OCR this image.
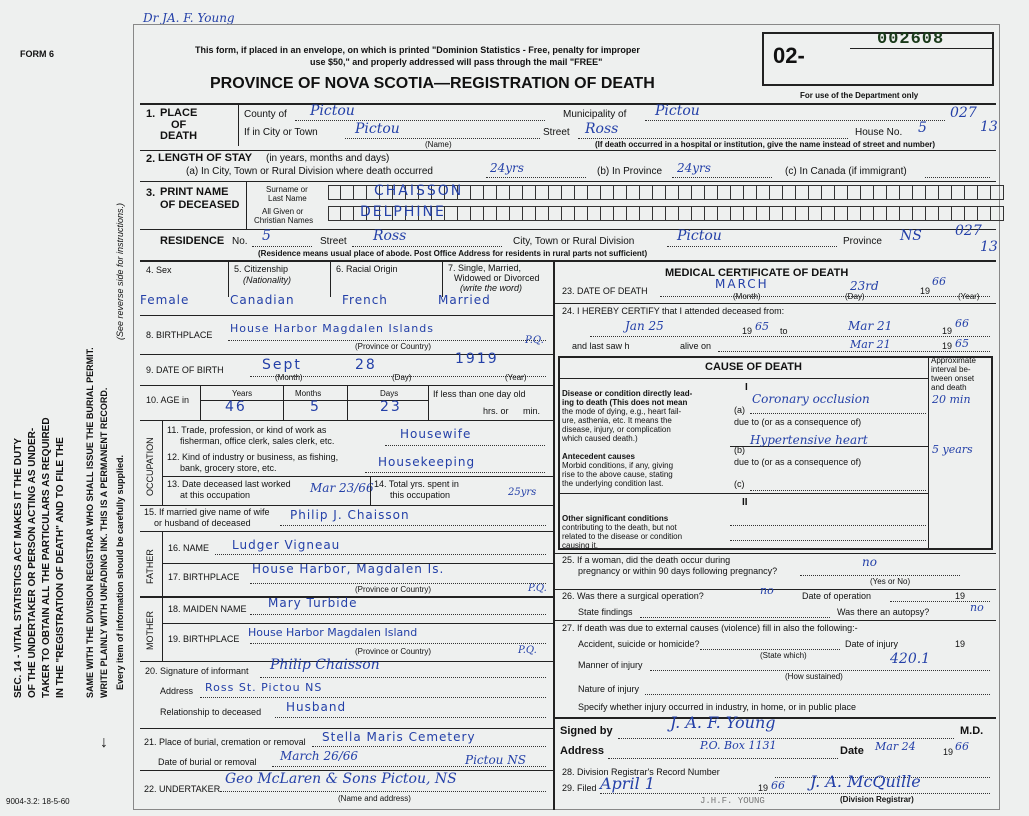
FORM 6
SEC. 14 - VITAL STATISTICS ACT MAKES IT THE DUTY OF THE UNDERTAKER OR PERSON ACTING AS UNDER- TAKER TO OBTAIN ALL THE PARTICULARS AS REQUIRED IN THE "REGISTRATION OF DEATH" AND TO FILE THE SAME WITH THE DIVISION REGISTRAR WHO SHALL ISSUE THE BURIAL PERMIT. WRITE PLAINLY WITH UNFADING INK. THIS IS A PERMANENT RECORD. Every item of information should be carefully supplied.
(See reverse side for instructions.)
↓
9004-3.2: 18-5-60
Dr JA. F. Young
This form, if placed in an envelope, on which is printed "Dominion Statistics - Free, penalty for improper
use $50," and properly addressed will pass through the mail "FREE"
PROVINCE OF NOVA SCOTIA—REGISTRATION OF DEATH
02-
002608
For use of the Department only
1. PLACE
OF
DEATH
County of Pictou	Municipality of Pictou	027
If in City or Town	Pictou
(Name)
Street Ross	House No. 5	13
(If death occurred in a hospital or institution, give the name instead of street and number)
2. LENGTH OF STAY (in years, months and days)
(a) In City, Town or Rural Division where death occurred	24yrs	(b) In Province 24yrs	(c) In Canada (if immigrant)
3. PRINT NAME
OF DECEASED
Surname or
Last Name
All Given or
Christian Names
CHAISSON
DELPHINE
RESIDENCE No. 5	Street Ross	City, Town or Rural Division	Pictou	Province NS 027
13
(Residence means usual place of abode. Post Office Address for residents in rural parts not sufficient)
4. Sex	5. Citizenship
(Nationality)
6. Racial Origin	7. Single, Married,
Widowed or Divorced
(write the word)
Female	Canadian	French	Married
8. BIRTHPLACE House Harbor Magdalen Islands
P.Q.
(Province or Country)
9. DATE OF BIRTH	Sept	28	1919
(Month)	(Day)	(Year)
10. AGE in
Years	Months	Days
46	5	23
If less than one day old
hrs. or min.
OCCUPATION
11. Trade, profession, or kind of work as
fisherman, office clerk, sales clerk, etc.	Housewife
12. Kind of industry or business, as fishing,
bank, grocery store, etc.	Housekeeping
13. Date deceased last worked
at this occupation	Mar 23/66 14. Total yrs. spent in
this occupation	25yrs
15. If married give name of wife
or husband of deceased
Philip J. Chaisson
FATHER
MOTHER
16. NAME Ludger Vigneau
17. BIRTHPLACE
House Harbor, Magdalen Is.
P.Q.
(Province or Country)
18. MAIDEN NAME Mary Turbide
19. BIRTHPLACE House Harbor Magdalen Island
P.Q.
(Province or Country)
20. Signature of informant Philip Chaisson
Address Ross St. Pictou NS
Relationship to deceased Husband
21. Place of burial, cremation or removal Stella Maris Cemetery
Date of burial or removal March 26/66	Pictou NS
22. UNDERTAKER
Geo McLaren & Sons Pictou, NS
(Name and address)
MEDICAL CERTIFICATE OF DEATH
23. DATE OF DEATH	MARCH	23rd	19
66
(Month)	(Day)	(Year)
24. I HEREBY CERTIFY that I attended deceased from:
Jan 25	19 65 to	Mar 21	19
66
and last saw h	alive on	Mar 21	19 65
CAUSE OF DEATH
Approximate
interval be-
tween onset
and death
I
Disease or condition directly lead-
ing to death (This does not mean
the mode of dying, e.g., heart fail-
ure, asthenia, etc. It means the
disease, injury, or complication
which caused death.)
(a)
Coronary occlusion	20 min
due to (or as a consequence of)
Antecedent causes
Morbid conditions, if any, giving
rise to the above cause, stating
the underlying condition last.
(b)
Hypertensive heart
5 years
due to (or as a consequence of)
(c)
II
Other significant conditions
contributing to the death, but not
related to the disease or condition
causing it.
25. If a woman, did the death occur during
pregnancy or within 90 days following pregnancy?
no
(Yes or No)
26. Was there a surgical operation?	no	Date of operation	19
State findings	Was there an autopsy?	no
27. If death was due to external causes (violence) fill in also the following:-
Accident, suicide or homicide?
(State which)
Date of injury	19
Manner of injury	420.1
(How sustained)
Nature of injury
Specify whether injury occurred in industry, in home, or in public place
Signed by	J. A. F. Young	M.D.
Address	P.O. Box 1131	Date Mar 24	19 66
28. Division Registrar's Record Number
29. Filed April 1	19 66 J. A. McQuille
(Division Registrar)
J.H.F. YOUNG
